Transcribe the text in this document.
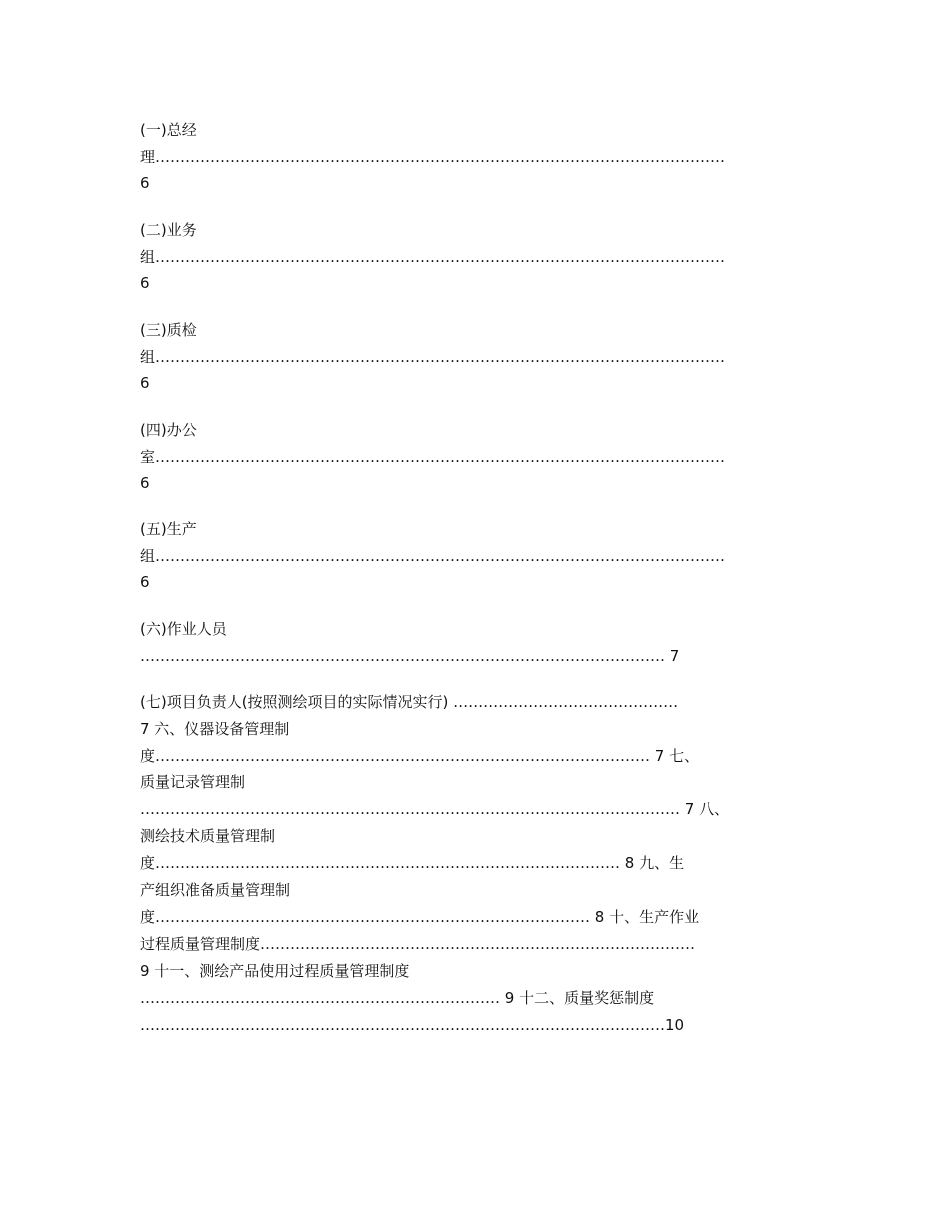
(一)总经
理……………………………………………………………………………………………………
6
(二)业务
组……………………………………………………………………………………………………
6
(三)质检
组……………………………………………………………………………………………………
6
(四)办公
室……………………………………………………………………………………………………
6
(五)生产
组……………………………………………………………………………………………………
6
(六)作业人员
…………………………………………………………………………………………… 7
(七)项目负责人(按照测绘项目的实际情况实行) ………………………………………
7 六、仪器设备管理制
度……………………………………………………………………………………… 7 七、
质量记录管理制
……………………………………………………………………………………………… 7 八、
测绘技术质量管理制
度………………………………………………………………………………… 8 九、生
产组织准备质量管理制
度…………………………………………………………………………… 8 十、生产作业
过程质量管理制度……………………………………………………………………………
9 十一、测绘产品使用过程质量管理制度
……………………………………………………………… 9 十二、质量奖惩制度
……………………………………………………………………………………………10
